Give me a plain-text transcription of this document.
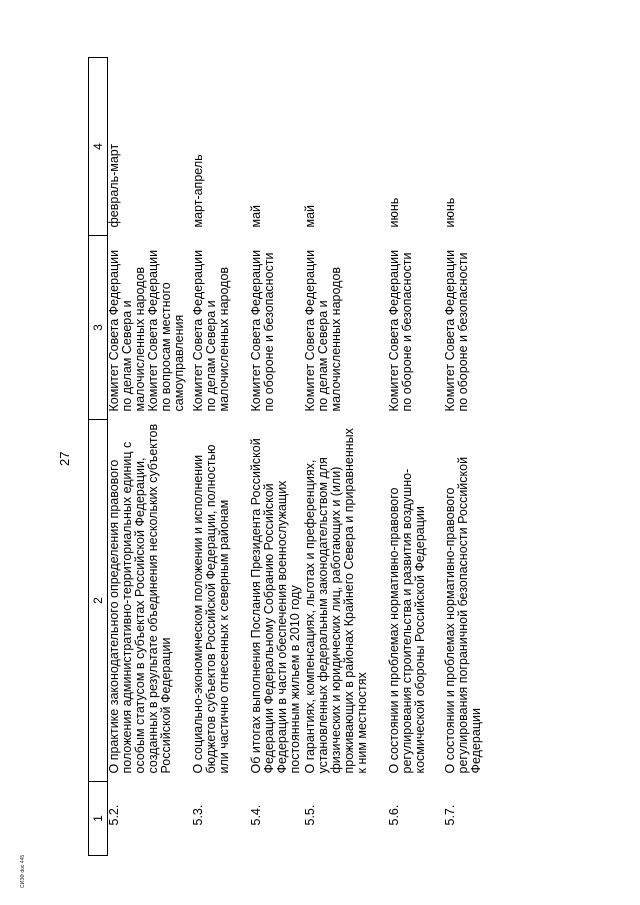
27
СИЗФ doc 445
1	2	3	4
5.2.	О практике законодательного определения правового положения административно-территориальных единиц с особым статусом в субъектах Российской Федерации, созданных в результате объединения нескольких субъектов Российской Федерации	Комитет Совета Федерации по делам Севера и малочисленных народов Комитет Совета Федерации по вопросам местного самоуправления	февраль-март
5.3.	О социально-экономическом положении и исполнении бюджетов субъектов Российской Федерации, полностью или частично отнесенных к северным районам	Комитет Совета Федерации по делам Севера и малочисленных народов	март-апрель
5.4.	Об итогах выполнения Послания Президента Российской Федерации Федеральному Собранию Российской Федерации в части обеспечения военнослужащих постоянным жильем в 2010 году	Комитет Совета Федерации по обороне и безопасности	май
5.5.	О гарантиях, компенсациях, льготах и преференциях, установленных федеральным законодательством для физических и юридических лиц, работающих и (или) проживающих в районах Крайнего Севера и приравненных к ним местностях	Комитет Совета Федерации по делам Севера и малочисленных народов	май
5.6.	О состоянии и проблемах нормативно-правового регулирования строительства и развития воздушно-космической обороны Российской Федерации	Комитет Совета Федерации по обороне и безопасности	июнь
5.7.	О состоянии и проблемах нормативно-правового регулирования пограничной безопасности Российской Федерации	Комитет Совета Федерации по обороне и безопасности	июнь
